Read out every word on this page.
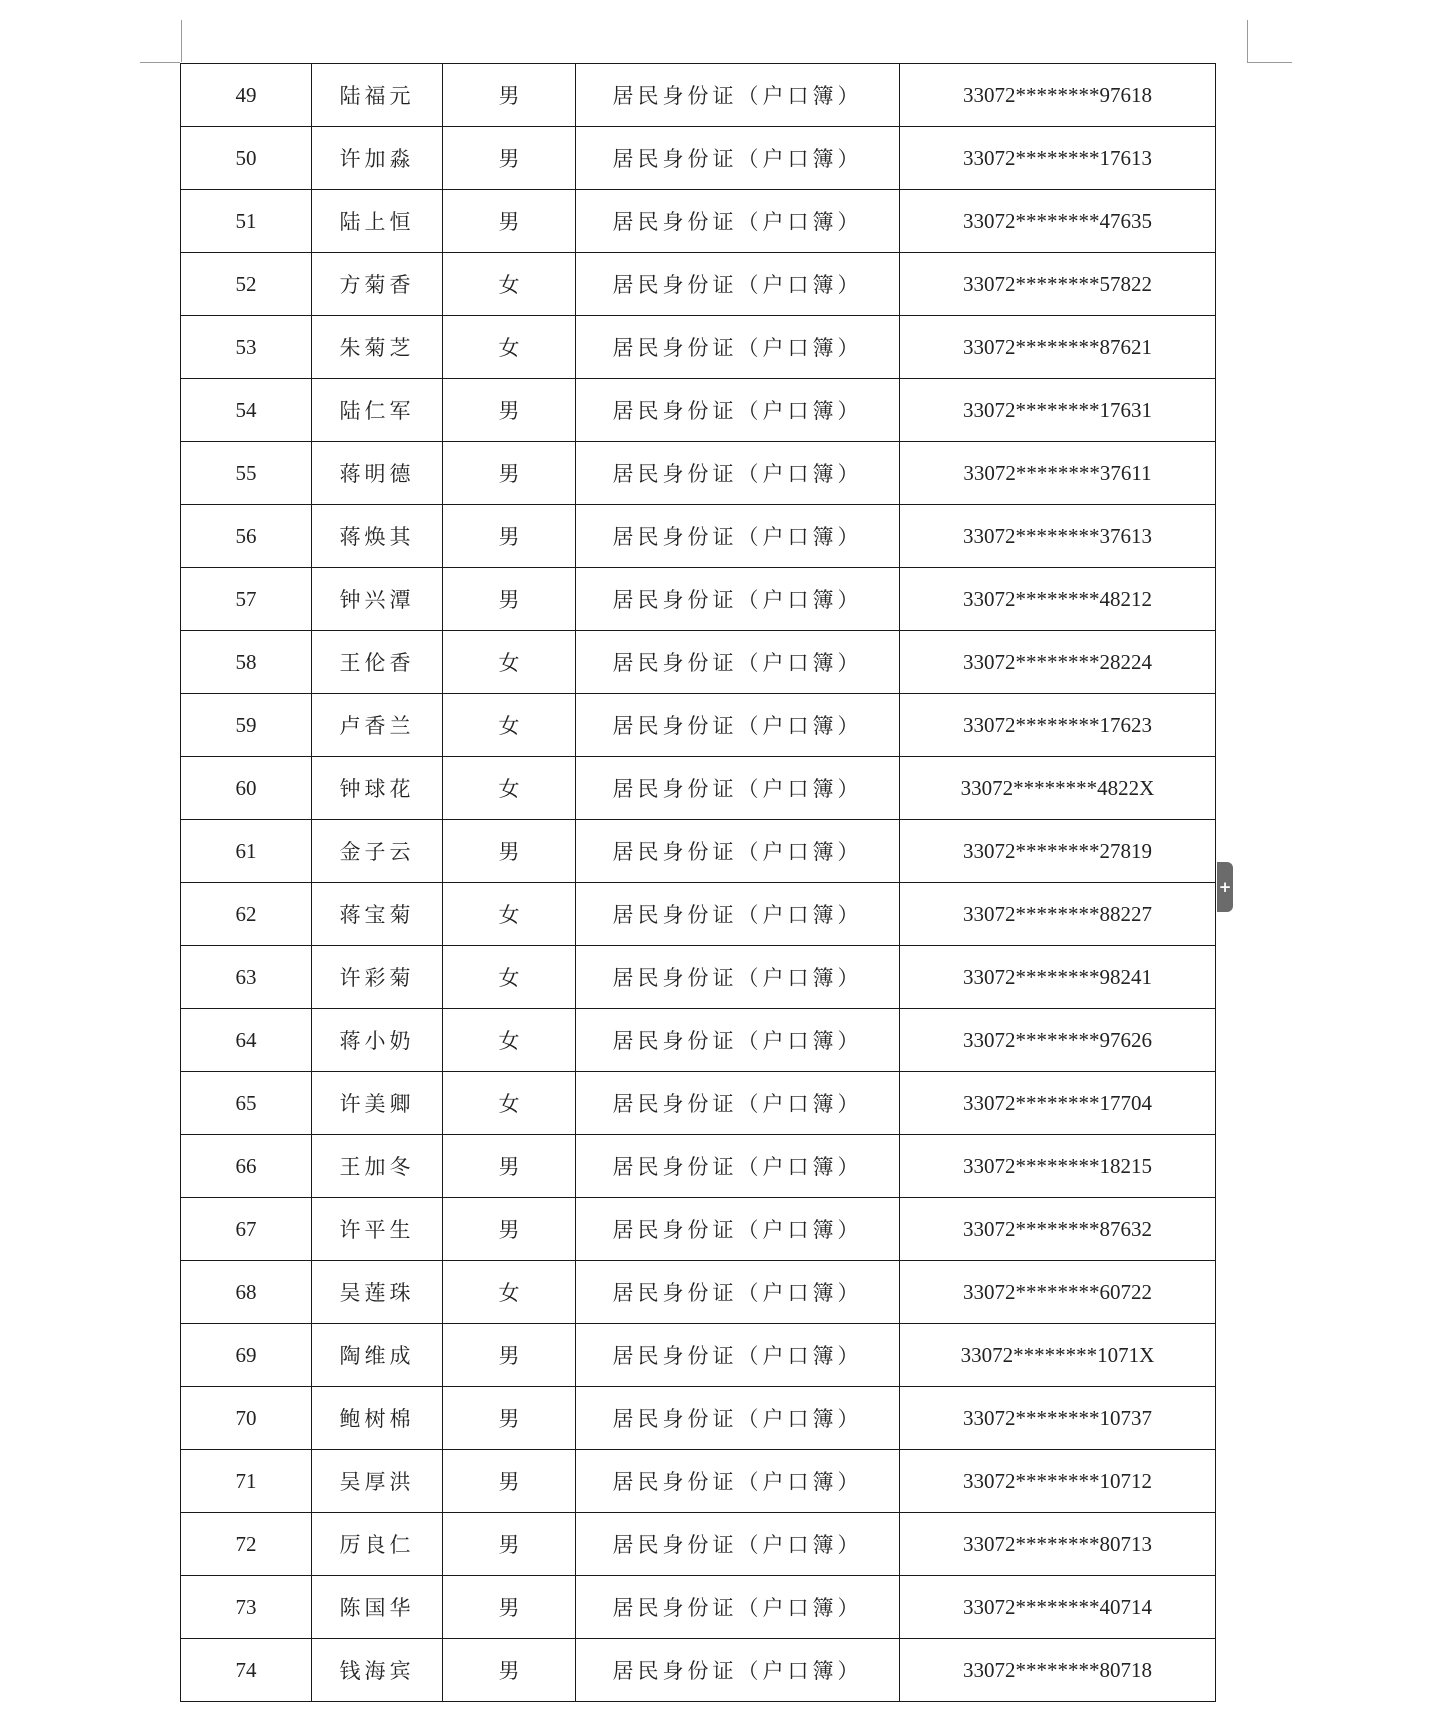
49	陆福元	男	居民身份证（户口簿）	33072********97618
50	许加淼	男	居民身份证（户口簿）	33072********17613
51	陆上恒	男	居民身份证（户口簿）	33072********47635
52	方菊香	女	居民身份证（户口簿）	33072********57822
53	朱菊芝	女	居民身份证（户口簿）	33072********87621
54	陆仁军	男	居民身份证（户口簿）	33072********17631
55	蒋明德	男	居民身份证（户口簿）	33072********37611
56	蒋焕其	男	居民身份证（户口簿）	33072********37613
57	钟兴潭	男	居民身份证（户口簿）	33072********48212
58	王伦香	女	居民身份证（户口簿）	33072********28224
59	卢香兰	女	居民身份证（户口簿）	33072********17623
60	钟球花	女	居民身份证（户口簿）	33072********4822X
61	金子云	男	居民身份证（户口簿）	33072********27819
62	蒋宝菊	女	居民身份证（户口簿）	33072********88227
63	许彩菊	女	居民身份证（户口簿）	33072********98241
64	蒋小奶	女	居民身份证（户口簿）	33072********97626
65	许美卿	女	居民身份证（户口簿）	33072********17704
66	王加冬	男	居民身份证（户口簿）	33072********18215
67	许平生	男	居民身份证（户口簿）	33072********87632
68	吴莲珠	女	居民身份证（户口簿）	33072********60722
69	陶维成	男	居民身份证（户口簿）	33072********1071X
70	鲍树棉	男	居民身份证（户口簿）	33072********10737
71	吴厚洪	男	居民身份证（户口簿）	33072********10712
72	厉良仁	男	居民身份证（户口簿）	33072********80713
73	陈国华	男	居民身份证（户口簿）	33072********40714
74	钱海宾	男	居民身份证（户口簿）	33072********80718
+
